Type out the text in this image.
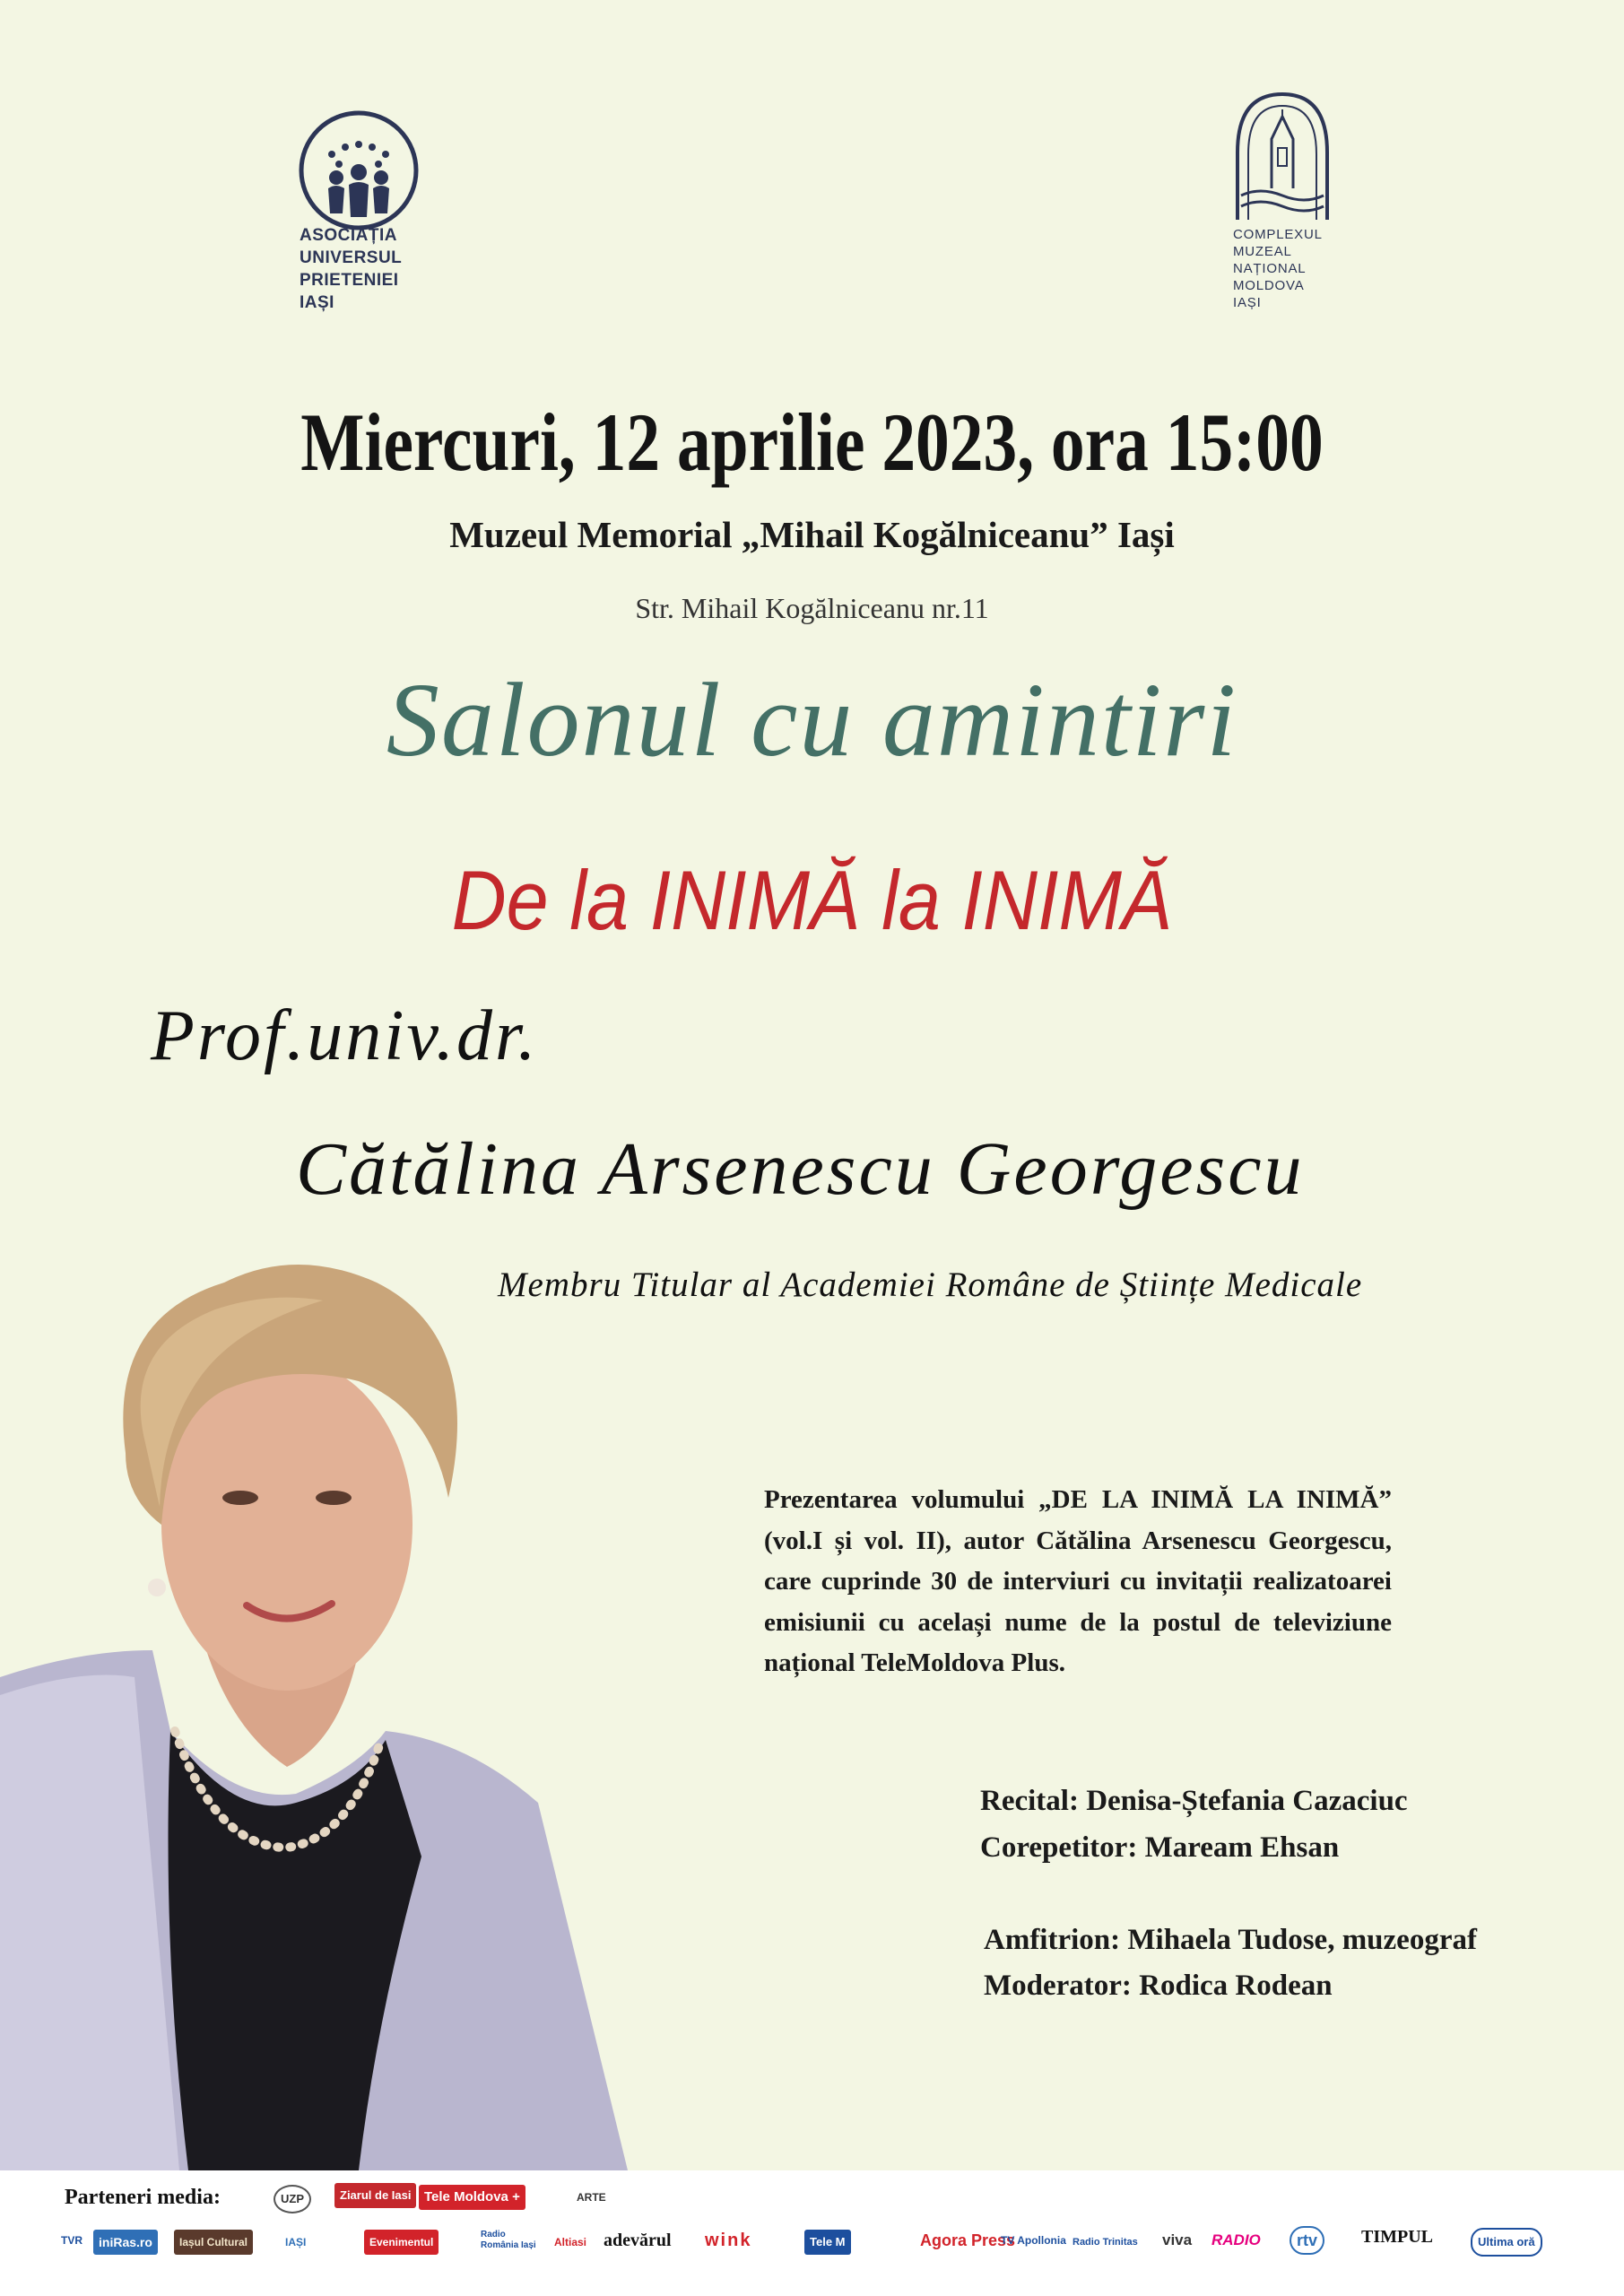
ASOCIAȚIA
UNIVERSUL
PRIETENIEI
IAȘI
COMPLEXUL
MUZEAL
NAȚIONAL
MOLDOVA
IAȘI
Miercuri, 12 aprilie 2023, ora 15:00
Muzeul Memorial „Mihail Kogălniceanu” Iași
Str. Mihail Kogălniceanu nr.11
Salonul cu amintiri
De la INIMĂ la INIMĂ
Prof.univ.dr.
Cătălina Arsenescu Georgescu
Membru Titular al Academiei Române de Științe Medicale
Prezentarea volumului „DE LA INIMĂ LA INIMĂ” (vol.I și vol. II), autor Cătălina Arsenescu Georgescu, care cuprinde 30 de interviuri cu invitații realizatoarei emisiunii cu același nume de la postul de televiziune național TeleMoldova Plus.
Recital: Denisa-Ștefania Cazaciuc
Corepetitor: Maream Ehsan
Amfitrion: Mihaela Tudose, muzeograf
Moderator: Rodica Rodean
Parteneri media:	UZP	Ziarul de Iasi Tele Moldova +	ARTE
TVR	iniRas.ro	Iașul Cultural	IAȘI	Evenimentul
Radio România Iași	Altiasi adevărul	wink	Tele M	Agora Press
TV Apollonia Radio Trinitas	viva	RADIO	rtv	TIMPUL	Ultima oră
